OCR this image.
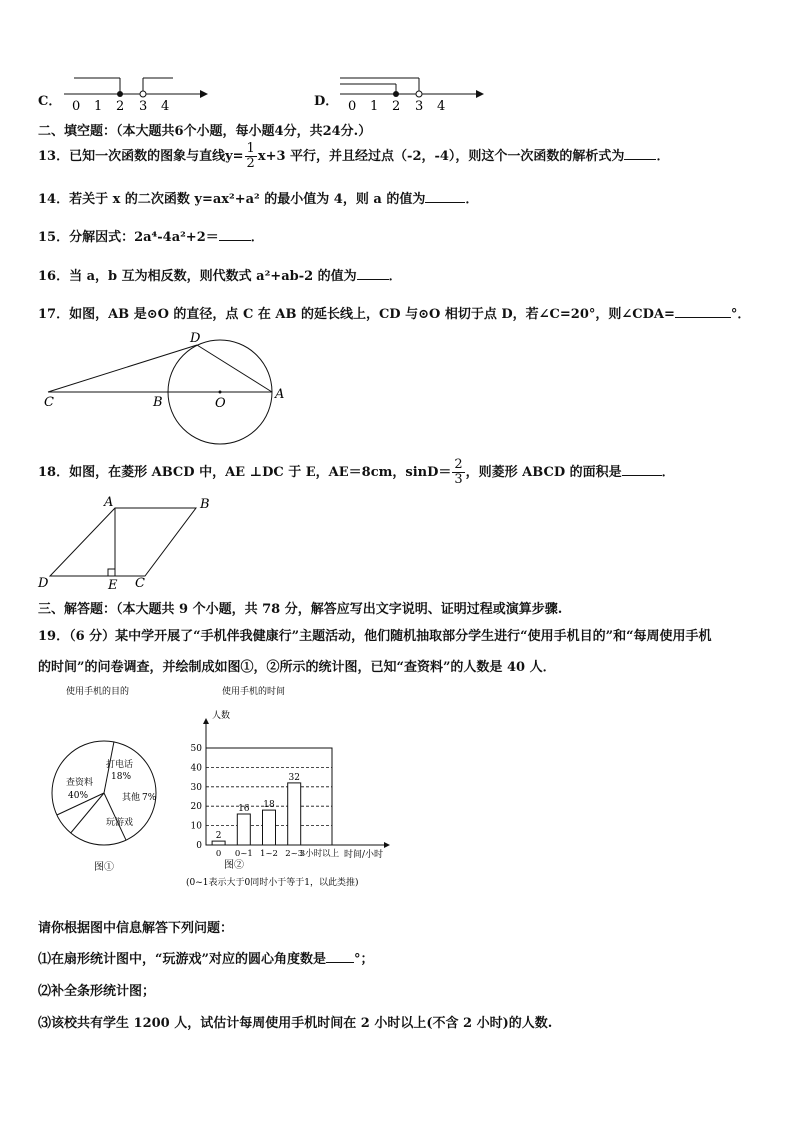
C． 0 1 2 3 4	D． 0 1 2 3 4
二、填空题：（本大题共6个小题，每小题4分，共24分.）
13．已知一次函数的图象与直线$y= \frac{1}{2} x+3$ 平行，并且经过点（-2，-4），则这个一次函数的解析式为 ．
14．若关于 x 的二次函数 y=ax²+a² 的最小值为 4，则 a 的值为	．
15．分解因式：2a⁴-4a²+2＝ ．
16．当 a，b 互为相反数，则代数式 a²+ab-2 的值为 ．
17．如图，AB 是⊙O 的直径，点 C 在 AB 的延长线上，CD 与⊙O 相切于点 D，若∠C=20°，则∠CDA=	°．
D
C	B	O
A
18．如图，在菱形 ABCD 中，AE ⊥DC 于 E，AE＝8cm，$\sin D= \frac{2}{3}$ ，则菱形 ABCD 的面积是	．
A	B
D	E C
三、解答题：（本大题共 9 个小题，共 78 分，解答应写出文字说明、证明过程或演算步骤.
19．（6 分）某中学开展了“手机伴我健康行”主题活动，他们随机抽取部分学生进行“使用手机目的”和“每周使用手机
的时间”的问卷调查，并绘制成如图①，②所示的统计图，已知“查资料”的人数是 40 人．
使用手机的目的
查资料
40%
打电话
18%
其他 7%
玩游戏
图①
使用手机的时间
人数
0
10
20
30
40
50
2
16 18
32
0 0~1 1~2 2~3
3小时以上 时间/小时
图②
(0~1表示大于0同时小于等于1，以此类推)
请你根据图中信息解答下列问题：
⑴在扇形统计图中，“玩游戏”对应的圆心角度数是 °；
⑵补全条形统计图；
⑶该校共有学生 1200 人，试估计每周使用手机时间在 2 小时以上(不含 2 小时)的人数.
